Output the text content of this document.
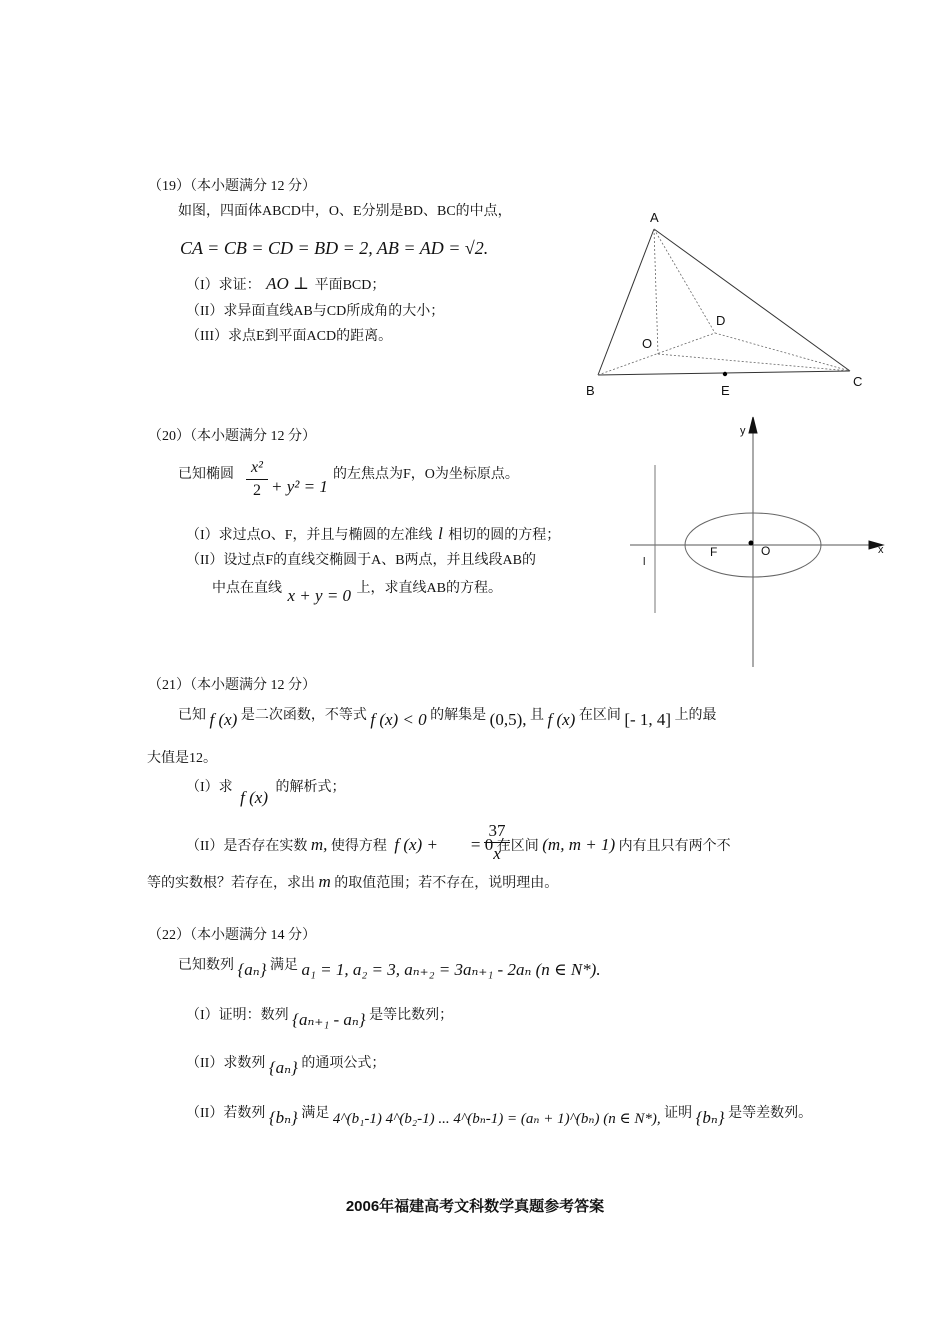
（19）（本小题满分 12 分）
如图，四面体ABCD中，O、E分别是BD、BC的中点，
CA = CB = CD = BD = 2, AB = AD = √2.
（I）求证： AO ⊥ 平面BCD；
（II）求异面直线AB与CD所成角的大小；
（III）求点E到平面ACD的距离。
A
D
O
B	E
C
（20）（本小题满分 12 分）
已知椭圆	x²
2 + y² = 1
的左焦点为F，O为坐标原点。
（I）求过点O、F，并且与椭圆的左准线 l 相切的圆的方程；
（II）设过点F的直线交椭圆于A、B两点，并且线段AB的
中点在直线 x + y = 0 上，求直线AB的方程。
y
x
F	O
l
（21）（本小题满分 12 分）
已知 f (x) 是二次函数，不等式 f (x) < 0 的解集是 (0,5), 且 f (x) 在区间 [- 1, 4] 上的最
大值是12。
（I）求 f (x) 的解析式；
（II）是否存在实数 m, 使得方程 f (x) + = 0 在区间 (m, m + 1) 内有且只有两个不
37
x
等的实数根？若存在，求出 m 的取值范围；若不存在，说明理由。
（22）（本小题满分 14 分）
已知数列 {aₙ} 满足 a₁ = 1, a₂ = 3, aₙ₊₂ = 3aₙ₊₁ - 2aₙ (n ∈ N*).
（I）证明：数列 {aₙ₊₁ - aₙ} 是等比数列；
（II）求数列 {aₙ} 的通项公式；
（II）若数列 {bₙ} 满足 4^(b₁-1) 4^(b₂-1) ... 4^(bₙ-1) = (aₙ + 1)^(bₙ) (n ∈ N*), 证明 {bₙ} 是等差数列。
2006年福建高考文科数学真题参考答案
